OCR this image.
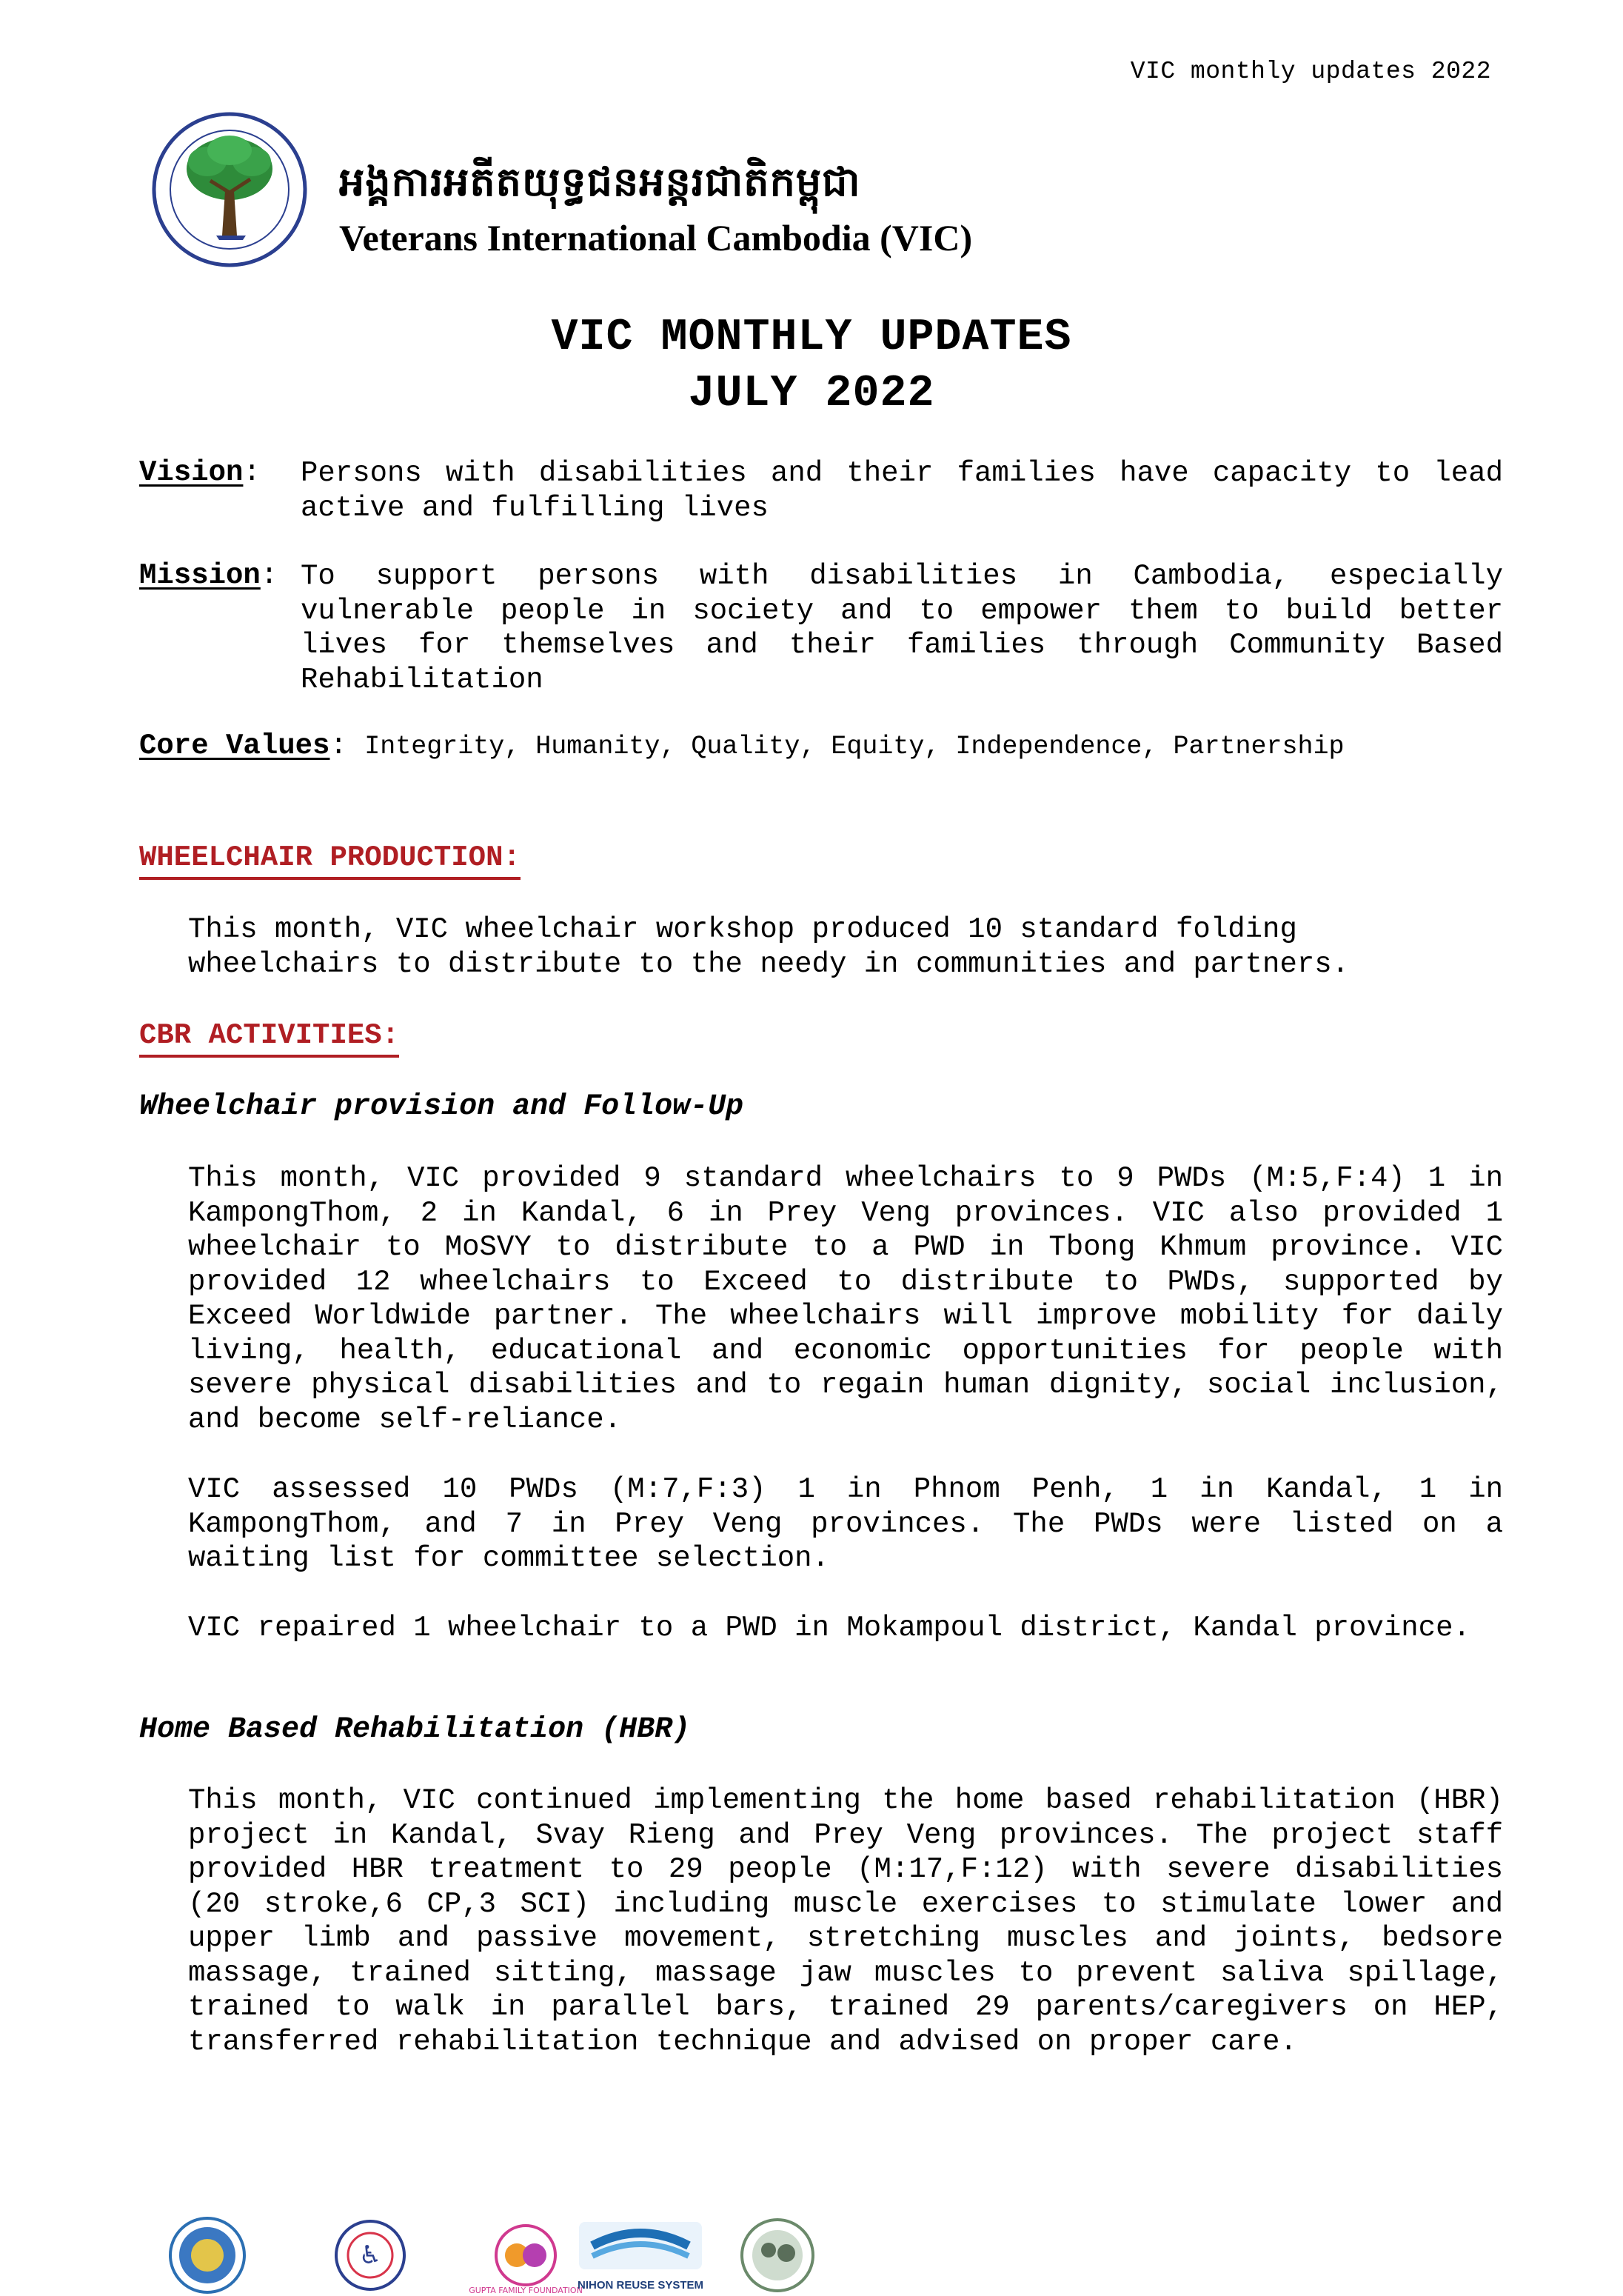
VIC monthly updates 2022
អង្គការអតីតយុទ្ធជនអន្តរជាតិកម្ពុជា
Veterans International Cambodia (VIC)
VIC MONTHLY UPDATES
JULY 2022
Vision: Persons with disabilities and their families have capacity to lead active and fulfilling lives
Mission: To support persons with disabilities in Cambodia, especially vulnerable people in society and to empower them to build better lives for themselves and their families through Community Based Rehabilitation
Core Values: Integrity, Humanity, Quality, Equity, Independence, Partnership
WHEELCHAIR PRODUCTION:
This month, VIC wheelchair workshop produced 10 standard folding wheelchairs to distribute to the needy in communities and partners.
CBR ACTIVITIES:
Wheelchair provision and Follow-Up
This month, VIC provided 9 standard wheelchairs to 9 PWDs (M:5,F:4) 1 in KampongThom, 2 in Kandal, 6 in Prey Veng provinces. VIC also provided 1 wheelchair to MoSVY to distribute to a PWD in Tbong Khmum province. VIC provided 12 wheelchairs to Exceed to distribute to PWDs, supported by Exceed Worldwide partner. The wheelchairs will improve mobility for daily living, health, educational and economic opportunities for people with severe physical disabilities and to regain human dignity, social inclusion, and become self-reliance.
VIC assessed 10 PWDs (M:7,F:3) 1 in Phnom Penh, 1 in Kandal, 1 in KampongThom, and 7 in Prey Veng provinces. The PWDs were listed on a waiting list for committee selection.
VIC repaired 1 wheelchair to a PWD in Mokampoul district, Kandal province.
Home Based Rehabilitation (HBR)
This month, VIC continued implementing the home based rehabilitation (HBR) project in Kandal, Svay Rieng and Prey Veng provinces. The project staff provided HBR treatment to 29 people (M:17,F:12) with severe disabilities (20 stroke,6 CP,3 SCI) including muscle exercises to stimulate lower and upper limb and passive movement, stretching muscles and joints, bedsore massage, trained sitting, massage jaw muscles to prevent saliva spillage, trained to walk in parallel bars, trained 29 parents/caregivers on HEP, transferred rehabilitation technique and advised on proper care.
♿
GUPTA FAMILY FOUNDATION
NIHON REUSE SYSTEM
